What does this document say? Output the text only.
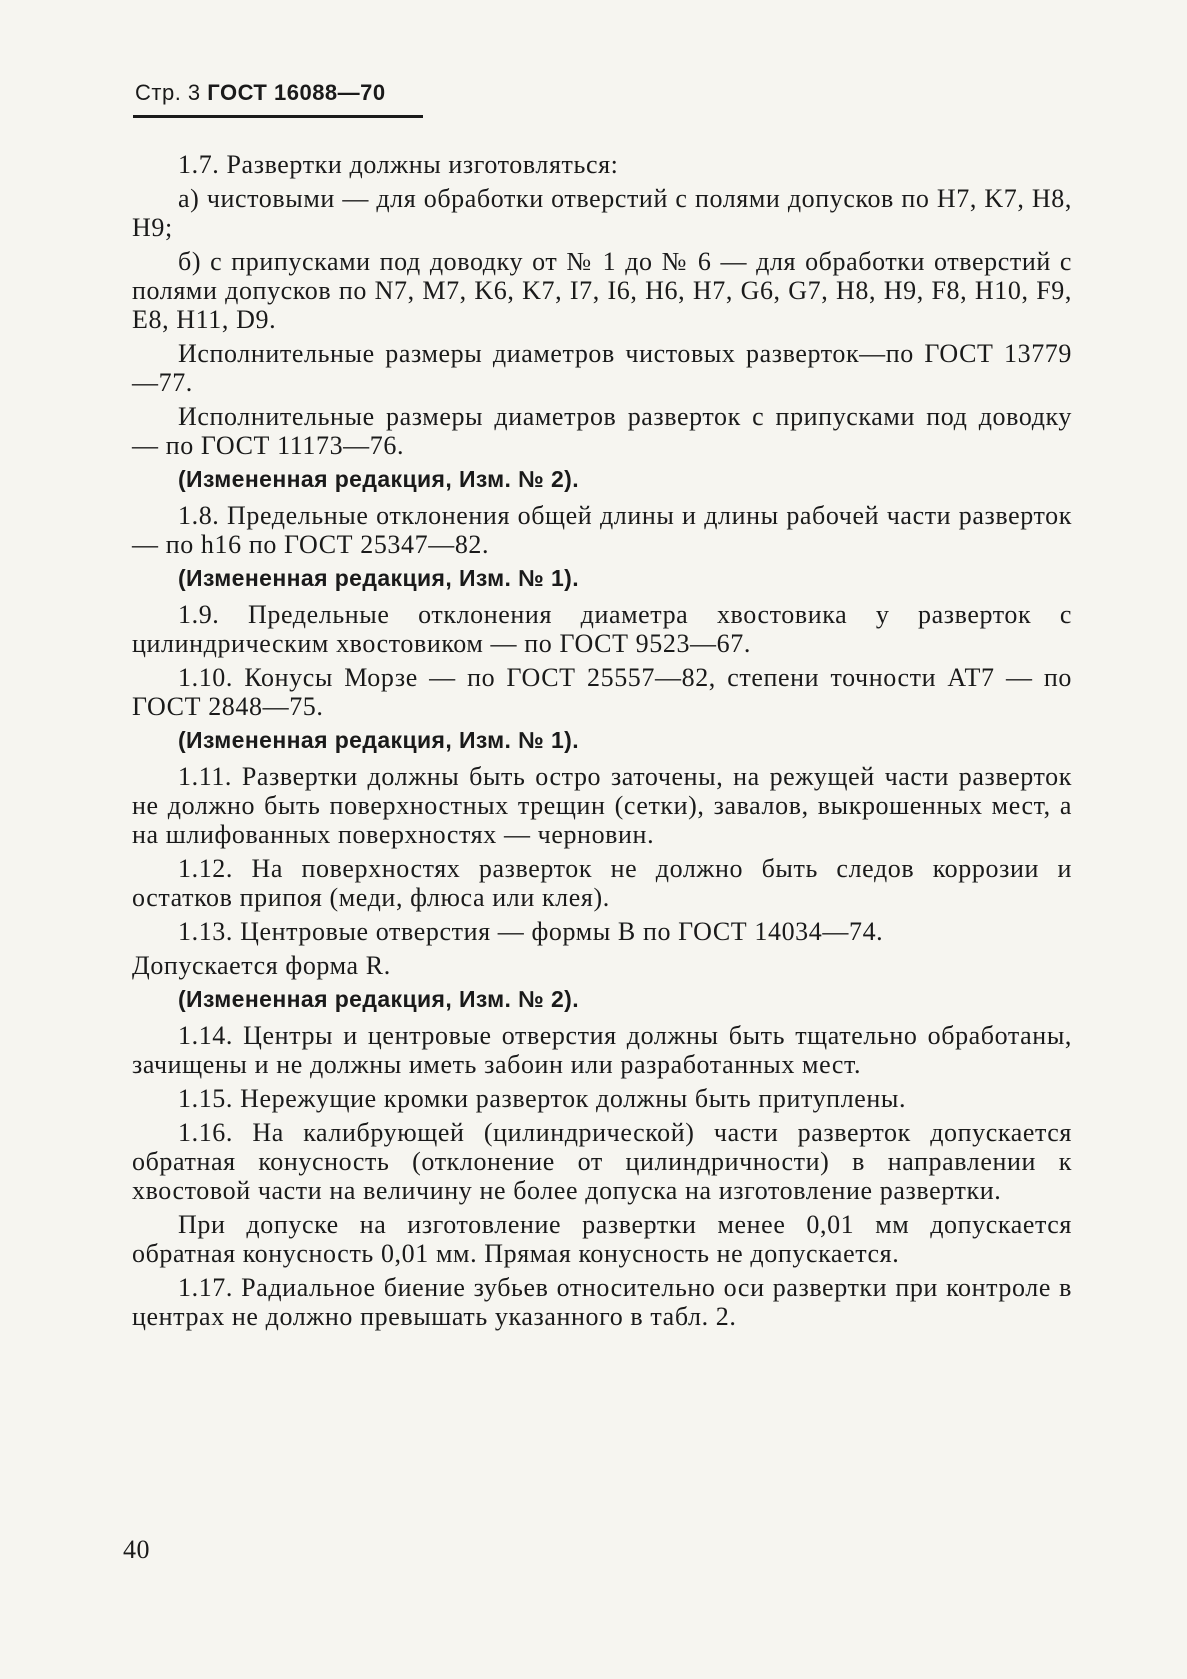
Стр. 3 ГОСТ 16088—70

1.7. Развертки должны изготовляться:

а) чистовыми — для обработки отверстий с полями допусков по H7, K7, H8, H9;

б) с припусками под доводку от № 1 до № 6 — для обработки отверстий с полями допусков по N7, M7, K6, K7, I7, I6, H6, H7, G6, G7, H8, H9, F8, H10, F9, E8, H11, D9.

Исполнительные размеры диаметров чистовых разверток—по ГОСТ 13779—77.

Исполнительные размеры диаметров разверток с припусками под доводку — по ГОСТ 11173—76.

(Измененная редакция, Изм. № 2).

1.8. Предельные отклонения общей длины и длины рабочей части разверток — по h16 по ГОСТ 25347—82.

(Измененная редакция, Изм. № 1).

1.9. Предельные отклонения диаметра хвостовика у разверток с цилиндрическим хвостовиком — по ГОСТ 9523—67.

1.10. Конусы Морзе — по ГОСТ 25557—82, степени точности АТ7 — по ГОСТ 2848—75.

(Измененная редакция, Изм. № 1).

1.11. Развертки должны быть остро заточены, на режущей части разверток не должно быть поверхностных трещин (сетки), завалов, выкрошенных мест, а на шлифованных поверхностях — черновин.

1.12. На поверхностях разверток не должно быть следов коррозии и остатков припоя (меди, флюса или клея).

1.13. Центровые отверстия — формы В по ГОСТ 14034—74.

Допускается форма R.

(Измененная редакция, Изм. № 2).

1.14. Центры и центровые отверстия должны быть тщательно обработаны, зачищены и не должны иметь забоин или разработанных мест.

1.15. Нережущие кромки разверток должны быть притуплены.

1.16. На калибрующей (цилиндрической) части разверток допускается обратная конусность (отклонение от цилиндричности) в направлении к хвостовой части на величину не более допуска на изготовление развертки.

При допуске на изготовление развертки менее 0,01 мм допускается обратная конусность 0,01 мм. Прямая конусность не допускается.

1.17. Радиальное биение зубьев относительно оси развертки при контроле в центрах не должно превышать указанного в табл. 2.

40
